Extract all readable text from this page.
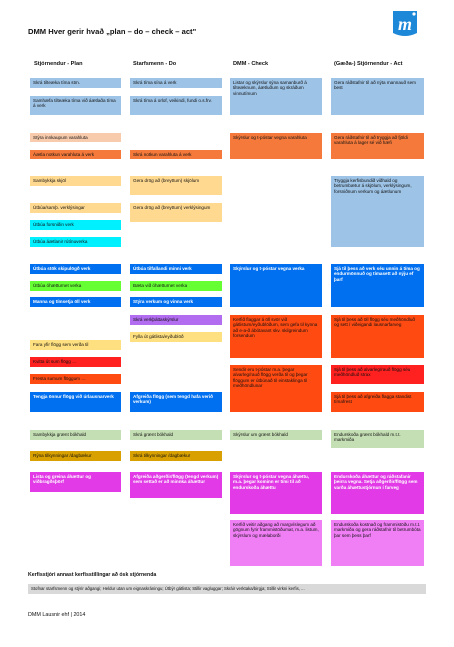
DMM Hver gerir hvað „plan – do – check – act"	m
Stjórnendur - Plan	Starfsmenn - Do	DMM - Check	(Gæða-) Stjórnendur - Act
Skrá tilteæka tíma stm.
Samhæfa tilteæka tíma við áætlaða tíma á verk
Stýra innkaupum varahluta
Áætla notkun varahluta á verk
Sambykkja skjöl
Útbúa/samþ. verklýsingar
Útbúa forsniðin verk
Útbúa áætlanir rútínuverka
Útbúa stök skipulögð verk
Útbúa óhætturnet verka
Manna og tímsetja öll verk
Fara yfir flögg sem verða til
Kvitta út sum flögg …
Fresta sumum flöggum …
Tengja önnur flögg við úrlausnarverk
Sambykkja grænt bókhald
Rýna tilkynningar /dagbækur
Lista og greina áhættur og viðbragðsþörf
Skrá tíma sína á verk
Skrá tíma á orlof, veikindi, fundi o.s.frv.
Skrá notkun varahluta á verk
Gera drög að (breyttum) skjölum
Gera drög að (breyttum) verklýsingum
Útbúa tilfallandi minni verk
Bæta við óhætturnet verka
Stýra verkum og vinna verk
Skrá verkþáttaskýrslur
Fylla út gátlista/eyðublöð
Afgreiða flögg (sem tengd hafa verið verkum)
Skrá grænt bókhald
Skrá tilkynningar /dagbækur
Afgreiða aðgerðir/flögg (tengd verkum) sem settað er að minnka áhættur
Listar og skýrslur sýna samanburð á tilteæknum, áætluðum og skráðum vinnutímum
Skýrslur og t-póstar vegna varahluta
Skýrslur og t-póstar vegna verka
Kerfið flaggar á öll svör við gátlistum/eyðublöðum, sem gefa til kynna að e-a-ð ábótavant skv. skilgreindum forsendum
Sendir eru t-póstar m.a. þegar alvarleg/rauð flögg verða til og þegar flöggum er útbúnað til einstaklinga til meðhöndlunar
Skýrslur um grænt bókhald
Skýrslur og t-póstar vegna áhættu, m.a. þegar kominn er tími til að endurskoða áhættu
Kerfið veitir aðgang að margvíslegum að gögnum fyrir frammistöðumat, m.a. listum, skýrslum og mælaborði
Gera ráðstafnir til að nýta mannauð sem best
Gera ráðstafnir til að tryggja að fjöldi varahluta á lager sé við hæfi
Tryggja kerfisbundið viðhald og betrumbætur á skjölum, verklýsingum, forsniðnum verkum og áætlunum
Sjá til þess að verk séu unnin á tíma og endurmönnuð og tímasett að nýju ef þarf
Sjá til þess að öll flögg séu meðhöndluð og sett í viðeigandi lausnarfarveg
Sjá til þess að alvarleg/rauð flögg séu meðhöndluð strax
Sjá til þess að afgreiða flagga standist tímafrest
Endurskoða grænt bókhald m.t.t. markmiða
Endurskoða áhættur og ráðstafanir þeirra vegna. Setja aðgerðir/flögg sem varða áhættustjórnun í farveg
Endurskoða kostnað og frammistöðu m.t.t. markmiða og gera ráðstafnir til betrumbóta þar sem þess þarf
Kerfisstjóri annast kerfisstillingar að ósk stjórnenda
Stofnar starfsmenn og stýrir aðgangi; Heldur utan um eignaskráningu; Útbýr gátlista; Stillir vagluggar; Skráir verktaka/birgja; Stillir virkni kerfis, ...
DMM Lausnir ehf | 2014
